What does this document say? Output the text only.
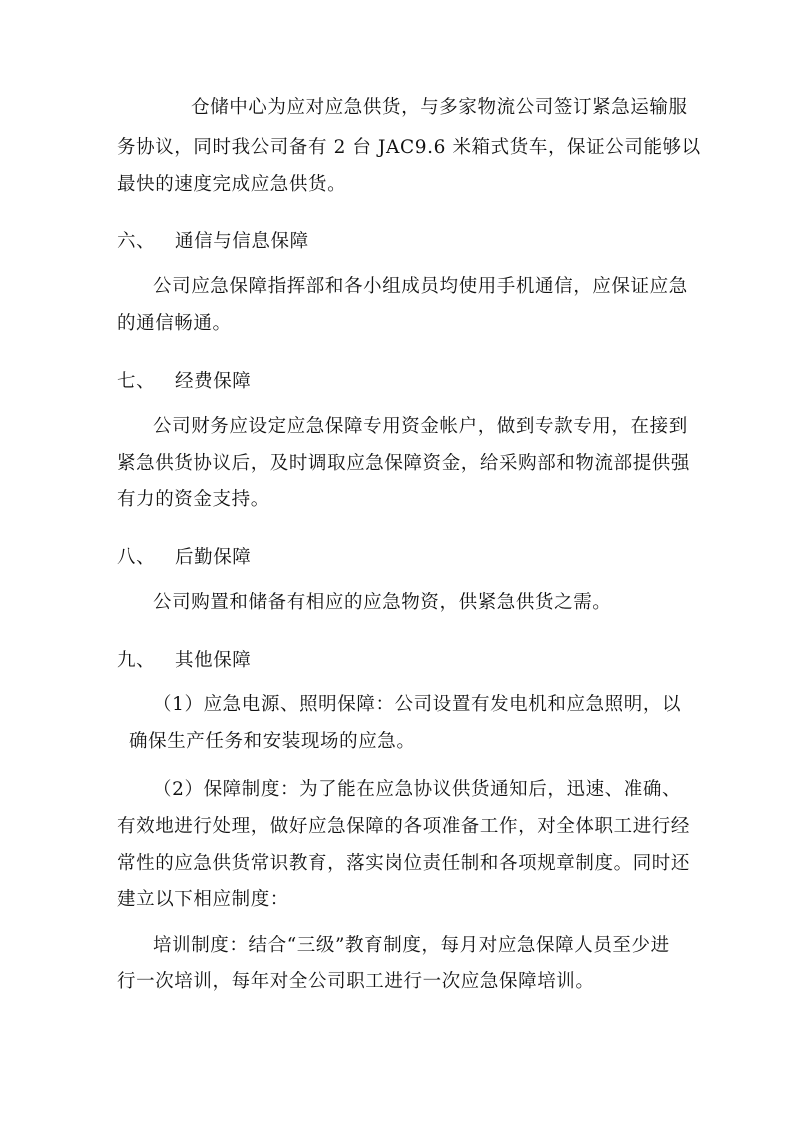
仓储中心为应对应急供货，与多家物流公司签订紧急运输服
务协议，同时我公司备有 2 台 JAC9.6 米箱式货车，保证公司能够以
最快的速度完成应急供货。
六、 通信与信息保障
公司应急保障指挥部和各小组成员均使用手机通信，应保证应急
的通信畅通。
七、 经费保障
公司财务应设定应急保障专用资金帐户，做到专款专用，在接到
紧急供货协议后，及时调取应急保障资金，给采购部和物流部提供强
有力的资金支持。
八、 后勤保障
公司购置和储备有相应的应急物资，供紧急供货之需。
九、 其他保障
（1）应急电源、照明保障：公司设置有发电机和应急照明，以
确保生产任务和安装现场的应急。
（2）保障制度：为了能在应急协议供货通知后，迅速、准确、
有效地进行处理，做好应急保障的各项准备工作，对全体职工进行经
常性的应急供货常识教育，落实岗位责任制和各项规章制度。同时还
建立以下相应制度：
培训制度：结合“三级”教育制度，每月对应急保障人员至少进
行一次培训，每年对全公司职工进行一次应急保障培训。
